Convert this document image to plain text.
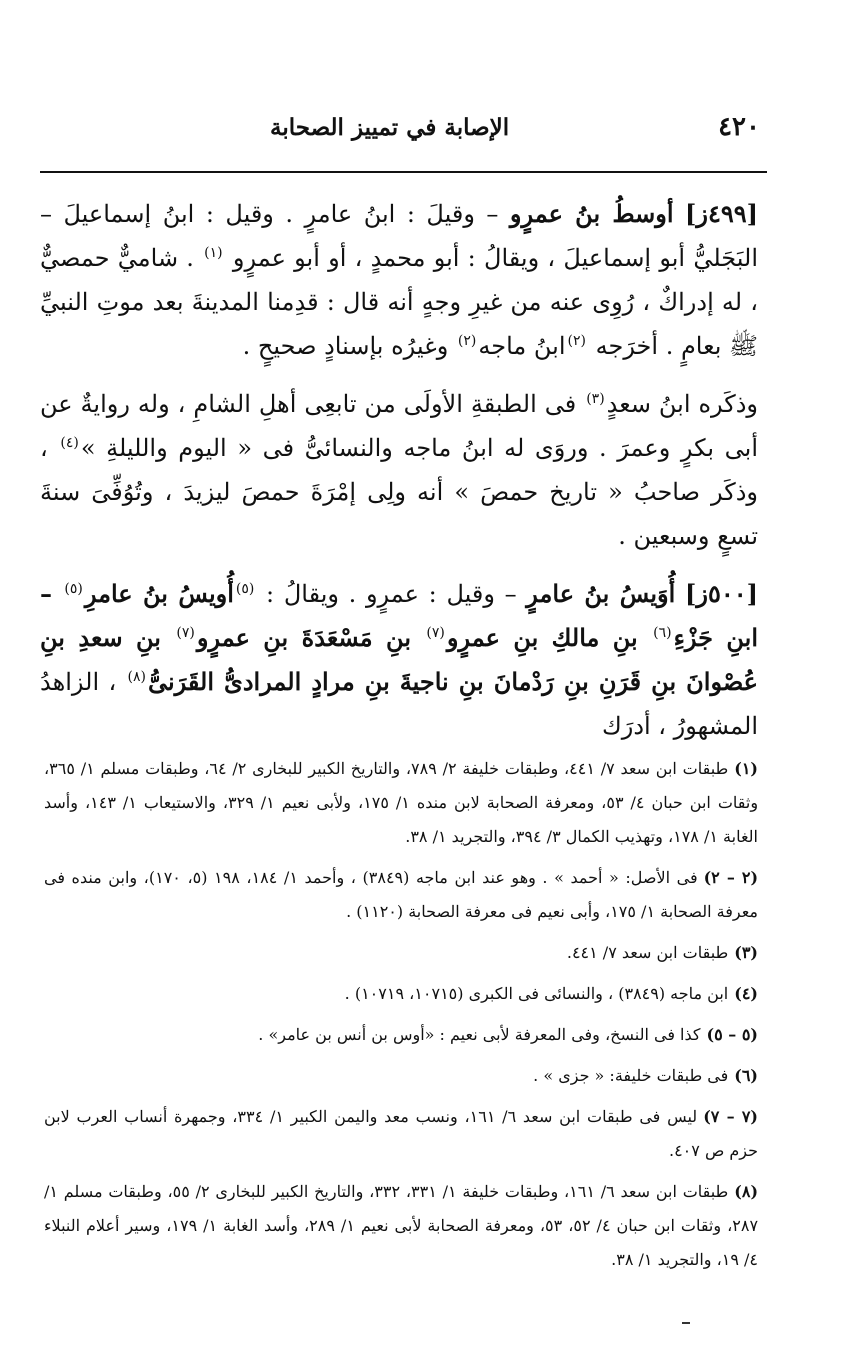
٤٢٠
الإصابة في تمييز الصحابة

[٤٩٩ز] أوسطُ بنُ عمرٍو – وقيلَ : ابنُ عامرٍ . وقيل : ابنُ إسماعيلَ – البَجَليُّ أبو إسماعيلَ ، ويقالُ : أبو محمدٍ ، أو أبو عمرٍو $^{(١)}$ . شاميٌّ حمصيٌّ ، له إدراكٌ ، رُوِى عنه من غيرِ وجهٍ أنه قال : قدِمنا المدينةَ بعد موتِ النبيِّ ﷺ بعامٍ . أخرَجه $^{(٢)}$ابنُ ماجه$^{(٢)}$ وغيرُه بإسنادٍ صحيحٍ .

وذكَره ابنُ سعدٍ$^{(٣)}$ فى الطبقةِ الأولَى من تابعِى أهلِ الشامِ ، وله روايةٌ عن أبى بكرٍ وعمرَ . وروَى له ابنُ ماجه والنسائىُّ فى « اليوم والليلةِ »$^{(٤)}$ ، وذكَر صاحبُ « تاريخ حمصَ » أنه ولِى إمْرَةَ حمصَ ليزيدَ ، وتُوُفِّىَ سنةَ تسعٍ وسبعين .

[٥٠٠ز] أُوَيسُ بنُ عامرٍ – وقيل : عمرٍو . ويقالُ : $^{(٥)}$أُويسُ بنُ عامرِ$^{(٥)}$ – ابنِ جَزْءِ$^{(٦)}$ بنِ مالكِ بنِ عمرٍو$^{(٧)}$ بنِ مَسْعَدَةَ بنِ عمرٍو$^{(٧)}$ بنِ سعدِ بنِ عُصْوانَ بنِ قَرَنِ بنِ رَدْمانَ بنِ ناجيةَ بنِ مرادٍ المرادىُّ القَرَنىُّ$^{(٨)}$ ، الزاهدُ المشهورُ ، أدرَك

(١)طبقات ابن سعد ٧/ ٤٤١، وطبقات خليفة ٢/ ٧٨٩، والتاريخ الكبير للبخارى ٢/ ٦٤، وطبقات مسلم ١/ ٣٦٥، وثقات ابن حبان ٤/ ٥٣، ومعرفة الصحابة لابن منده ١/ ١٧٥، ولأبى نعيم ١/ ٣٢٩، والاستيعاب ١/ ١٤٣، وأسد الغابة ١/ ١٧٨، وتهذيب الكمال ٣/ ٣٩٤، والتجريد ١/ ٣٨.

(٢ – ٢)فى الأصل: « أحمد » . وهو عند ابن ماجه (٣٨٤٩) ، وأحمد ١/ ١٨٤، ١٩٨ (٥، ١٧٠)، وابن منده فى معرفة الصحابة ١/ ١٧٥، وأبى نعيم فى معرفة الصحابة (١١٢٠) .

(٣)طبقات ابن سعد ٧/ ٤٤١.

(٤)ابن ماجه (٣٨٤٩) ، والنسائى فى الكبرى (١٠٧١٥، ١٠٧١٩) .

(٥ – ٥)كذا فى النسخ، وفى المعرفة لأبى نعيم : «أوس بن أنس بن عامر» .

(٦)فى طبقات خليفة: « جزى » .

(٧ – ٧)ليس فى طبقات ابن سعد ٦/ ١٦١، ونسب معد واليمن الكبير ١/ ٣٣٤، وجمهرة أنساب العرب لابن حزم ص ٤٠٧.

(٨)طبقات ابن سعد ٦/ ١٦١، وطبقات خليفة ١/ ٣٣١، ٣٣٢، والتاريخ الكبير للبخارى ٢/ ٥٥، وطبقات مسلم ١/ ٢٨٧، وثقات ابن حبان ٤/ ٥٢، ٥٣، ومعرفة الصحابة لأبى نعيم ١/ ٢٨٩، وأسد الغابة ١/ ١٧٩، وسير أعلام النبلاء ٤/ ١٩، والتجريد ١/ ٣٨.
